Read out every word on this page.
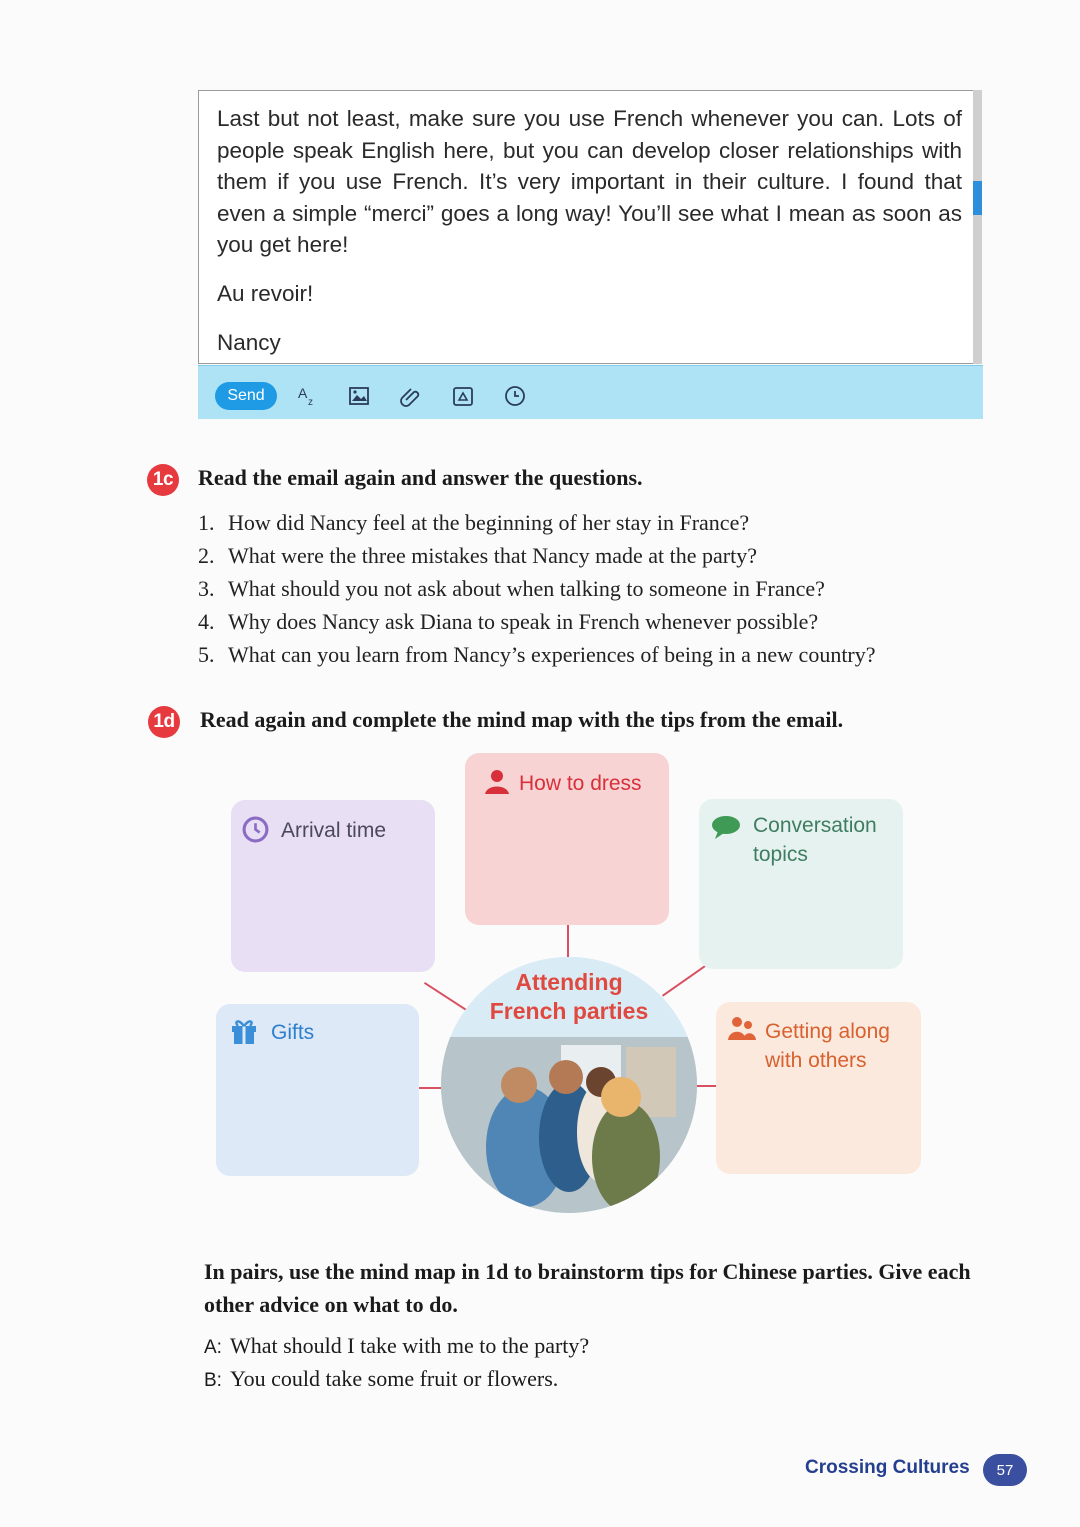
Last but not least, make sure you use French whenever you can. Lots of people speak English here, but you can develop closer relationships with them if you use French. It’s very important in their culture. I found that even a simple “merci” goes a long way! You’ll see what I mean as soon as you get here!
Au revoir!
Nancy
Send	A
z
1c Read the email again and answer the questions.
1. How did Nancy feel at the beginning of her stay in France?
2. What were the three mistakes that Nancy made at the party?
3. What should you not ask about when talking to someone in France?
4. Why does Nancy ask Diana to speak in French whenever possible?
5. What can you learn from Nancy’s experiences of being in a new country?
1d Read again and complete the mind map with the tips from the email.
Arrival time
How to dress
Conversation
topics
Gifts	Getting along
with others
Attending
French parties
In pairs, use the mind map in 1d to brainstorm tips for Chinese parties. Give each other advice on what to do.
A: What should I take with me to the party?
B: You could take some fruit or flowers.
Crossing Cultures	57
